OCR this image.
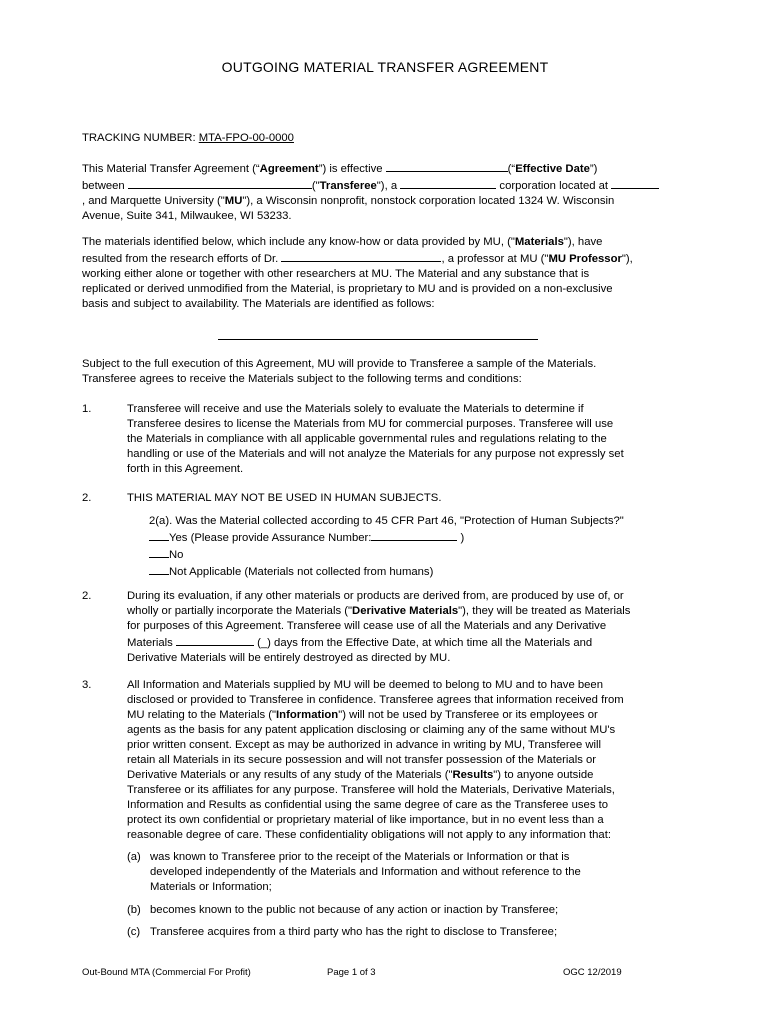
OUTGOING MATERIAL TRANSFER AGREEMENT
TRACKING NUMBER: MTA-FPO-00-0000
This Material Transfer Agreement (“Agreement”) is effective	(“Effective Date”)
between	("Transferee"), a	corporation located at
, and Marquette University ("MU"), a Wisconsin nonprofit, nonstock corporation located 1324 W. Wisconsin
Avenue, Suite 341, Milwaukee, WI 53233.
The materials identified below, which include any know-how or data provided by MU, ("Materials"), have
resulted from the research efforts of Dr.	, a professor at MU ("MU Professor"),
working either alone or together with other researchers at MU. The Material and any substance that is
replicated or derived unmodified from the Material, is proprietary to MU and is provided on a non-exclusive
basis and subject to availability. The Materials are identified as follows:
Subject to the full execution of this Agreement, MU will provide to Transferee a sample of the Materials.
Transferee agrees to receive the Materials subject to the following terms and conditions:
1.	Transferee will receive and use the Materials solely to evaluate the Materials to determine if
Transferee desires to license the Materials from MU for commercial purposes. Transferee will use
the Materials in compliance with all applicable governmental rules and regulations relating to the
handling or use of the Materials and will not analyze the Materials for any purpose not expressly set
forth in this Agreement.
2.	THIS MATERIAL MAY NOT BE USED IN HUMAN SUBJECTS.
2(a). Was the Material collected according to 45 CFR Part 46, "Protection of Human Subjects?"
Yes (Please provide Assurance Number:	)
No
Not Applicable (Materials not collected from humans)
2.	During its evaluation, if any other materials or products are derived from, are produced by use of, or
wholly or partially incorporate the Materials ("Derivative Materials"), they will be treated as Materials
for purposes of this Agreement. Transferee will cease use of all the Materials and any Derivative
Materials	(_) days from the Effective Date, at which time all the Materials and
Derivative Materials will be entirely destroyed as directed by MU.
3.	All Information and Materials supplied by MU will be deemed to belong to MU and to have been
disclosed or provided to Transferee in confidence. Transferee agrees that information received from
MU relating to the Materials ("Information") will not be used by Transferee or its employees or
agents as the basis for any patent application disclosing or claiming any of the same without MU's
prior written consent. Except as may be authorized in advance in writing by MU, Transferee will
retain all Materials in its secure possession and will not transfer possession of the Materials or
Derivative Materials or any results of any study of the Materials ("Results") to anyone outside
Transferee or its affiliates for any purpose. Transferee will hold the Materials, Derivative Materials,
Information and Results as confidential using the same degree of care as the Transferee uses to
protect its own confidential or proprietary material of like importance, but in no event less than a
reasonable degree of care. These confidentiality obligations will not apply to any information that:
(a) was known to Transferee prior to the receipt of the Materials or Information or that is
developed independently of the Materials and Information and without reference to the
Materials or Information;
(b) becomes known to the public not because of any action or inaction by Transferee;
(c) Transferee acquires from a third party who has the right to disclose to Transferee;
Out-Bound MTA (Commercial For Profit)	Page 1 of 3	OGC 12/2019
